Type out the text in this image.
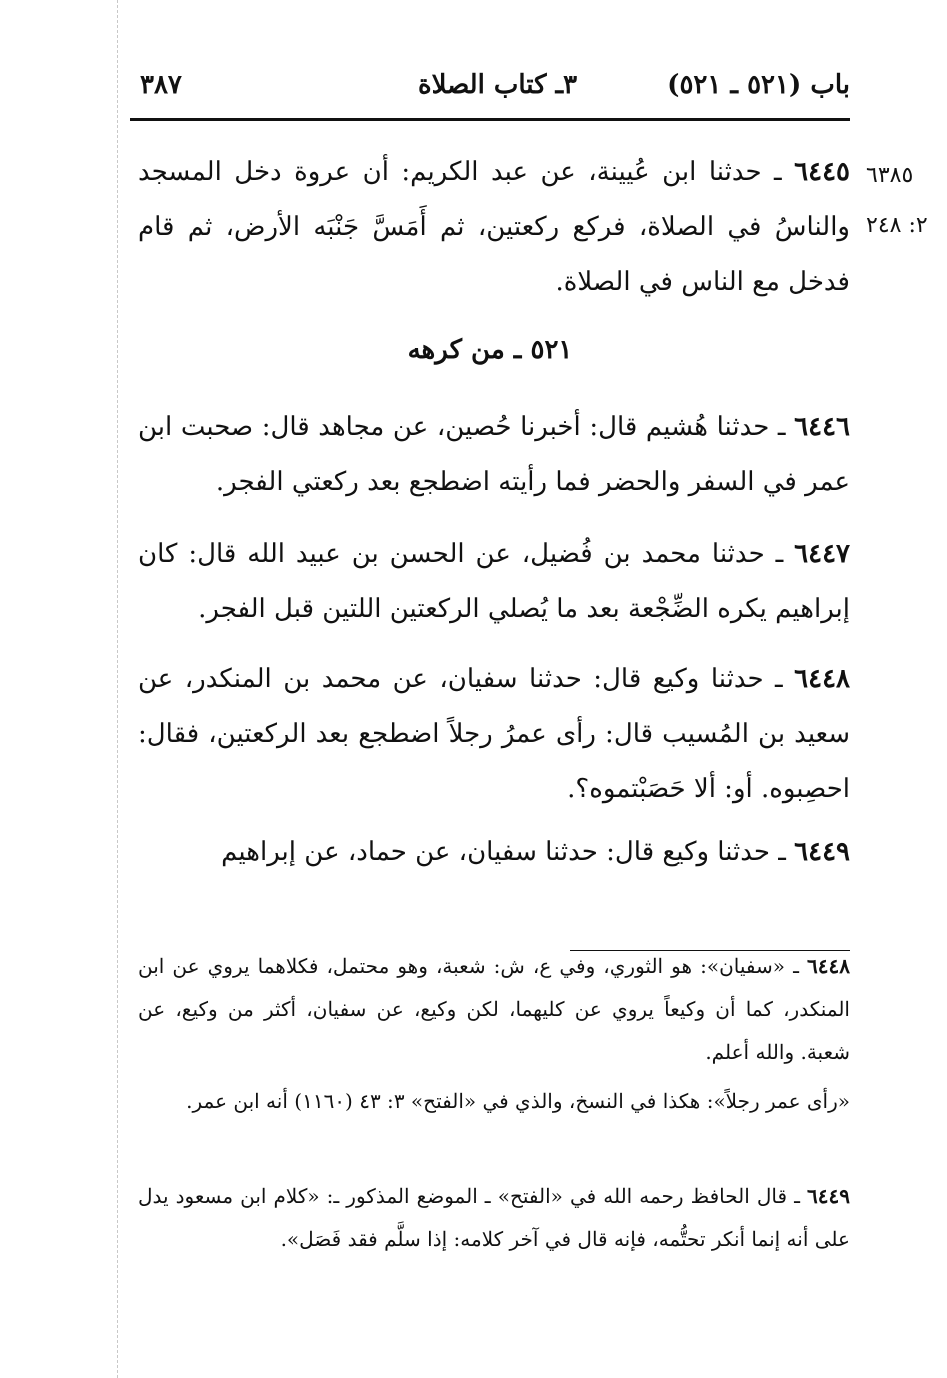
باب (٥٢١ ـ ٥٢١)
٣ـ كتاب الصلاة
٣٨٧
٦٣٨٥
٢: ٢٤٨
٦٤٤٥ ـ حدثنا ابن عُيينة، عن عبد الكريم: أن عروة دخل المسجد والناسُ في الصلاة، فركع ركعتين، ثم أَمَسَّ جَنْبَه الأرض، ثم قام فدخل مع الناس في الصلاة.
٥٢١ ـ من كرهه
٦٤٤٦ ـ حدثنا هُشيم قال: أخبرنا حُصين، عن مجاهد قال: صحبت ابن عمر في السفر والحضر فما رأيته اضطجع بعد ركعتي الفجر.
٦٤٤٧ ـ حدثنا محمد بن فُضيل، عن الحسن بن عبيد الله قال: كان إبراهيم يكره الضِّجْعة بعد ما يُصلي الركعتين اللتين قبل الفجر.
٦٤٤٨ ـ حدثنا وكيع قال: حدثنا سفيان، عن محمد بن المنكدر، عن سعيد بن المُسيب قال: رأى عمرُ رجلاً اضطجع بعد الركعتين، فقال: احصِبوه. أو: ألا حَصَبْتموه؟.
٦٤٤٩ ـ حدثنا وكيع قال: حدثنا سفيان، عن حماد، عن إبراهيم
٦٤٤٨ ـ «سفيان»: هو الثوري، وفي ع، ش: شعبة، وهو محتمل، فكلاهما يروي عن ابن المنكدر، كما أن وكيعاً يروي عن كليهما، لكن وكيع، عن سفيان، أكثر من وكيع، عن شعبة. والله أعلم.
«رأى عمر رجلاً»: هكذا في النسخ، والذي في «الفتح» ٣: ٤٣ (١١٦٠) أنه ابن عمر.
٦٤٤٩ ـ قال الحافظ رحمه الله في «الفتح» ـ الموضع المذكور ـ: «كلام ابن مسعود يدل على أنه إنما أنكر تحتُّمه، فإنه قال في آخر كلامه: إذا سلَّم فقد فَصَل».
